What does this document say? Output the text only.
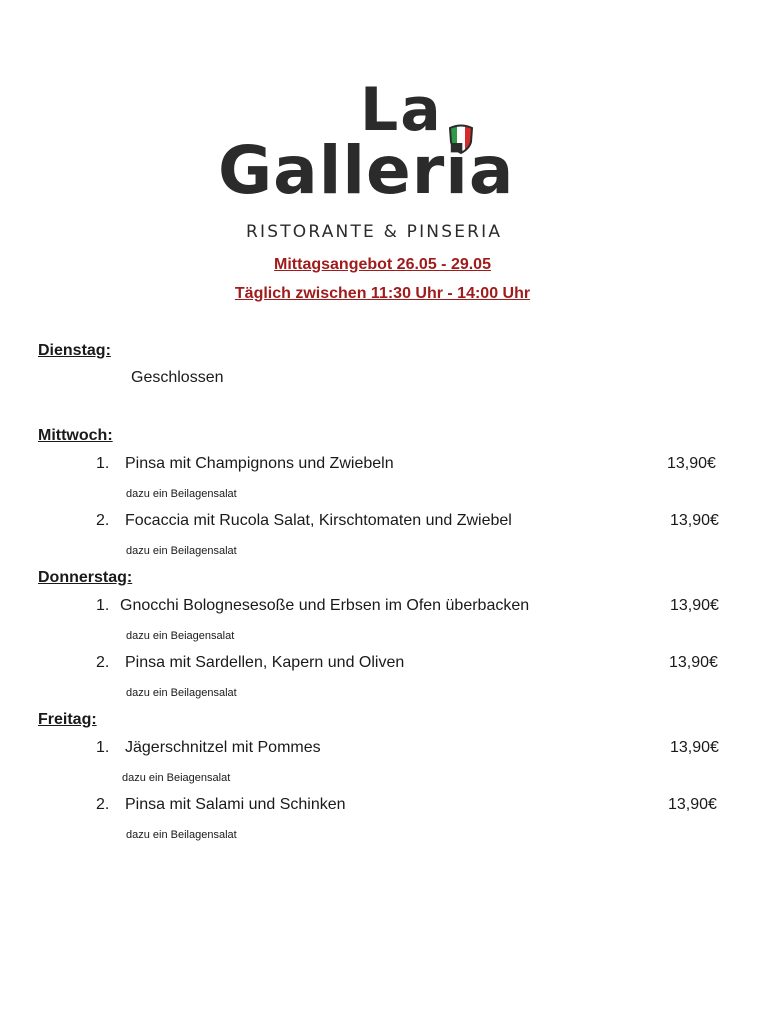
La
Galleria
RISTORANTE & PINSERIA
Mittagsangebot 26.05 - 29.05
Täglich zwischen 11:30 Uhr - 14:00 Uhr
Dienstag:
Geschlossen
Mittwoch:
1. Pinsa mit Champignons und Zwiebeln	13,90€
dazu ein Beilagensalat
2. Focaccia mit Rucola Salat, Kirschtomaten und Zwiebel	13,90€
dazu ein Beilagensalat
Donnerstag:
1. Gnocchi Bolognesesoße und Erbsen im Ofen überbacken	13,90€
dazu ein Beiagensalat
2. Pinsa mit Sardellen, Kapern und Oliven	13,90€
dazu ein Beilagensalat
Freitag:
1. Jägerschnitzel mit Pommes	13,90€
dazu ein Beiagensalat
2. Pinsa mit Salami und Schinken	13,90€
dazu ein Beilagensalat
